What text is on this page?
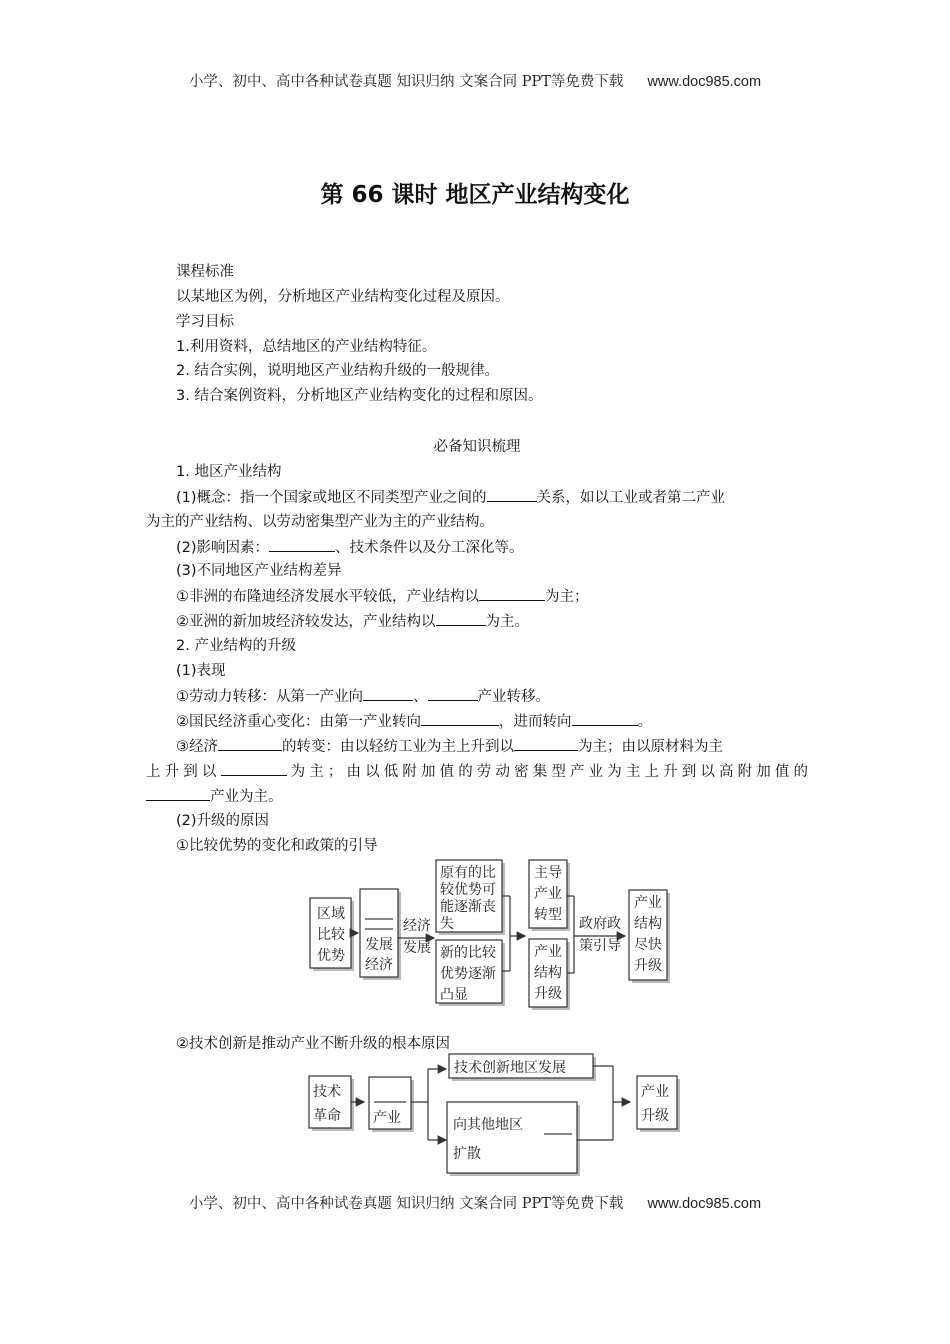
小学、初中、高中各种试卷真题 知识归纳 文案合同 PPT等免费下载 www.doc985.com
第 66 课时 地区产业结构变化
课程标准
以某地区为例，分析地区产业结构变化过程及原因。
学习目标
1.利用资料，总结地区的产业结构特征。
2. 结合实例，说明地区产业结构升级的一般规律。
3. 结合案例资料，分析地区产业结构变化的过程和原因。
必备知识梳理
1. 地区产业结构
(1)概念：指一个国家或地区不同类型产业之间的	关系，如以工业或者第二产业
为主的产业结构、以劳动密集型产业为主的产业结构。
(2)影响因素：	、技术条件以及分工深化等。
(3)不同地区产业结构差异
①非洲的布隆迪经济发展水平较低，产业结构以	为主；
②亚洲的新加坡经济较发达，产业结构以	为主。
2. 产业结构的升级
(1)表现
①劳动力转移：从第一产业向	、	产业转移。
②国民经济重心变化：由第一产业转向	，进而转向	。
③经济	的转变：由以轻纺工业为主上升到以	为主；由以原材料为主
上升到以	为主；由以低附加值的劳动密集型产业为主上升到以高附加值的
产业为主。
(2)升级的原因
①比较优势的变化和政策的引导
区域
比较
优势
发展
经济
经济
发展
原有的比
较优势可
能逐渐丧
失
新的比较
优势逐渐
凸显
主导
产业
转型
产业
结构
升级
政府政
策引导
产业
结构
尽快
升级
②技术创新是推动产业不断升级的根本原因
技术
革命 产业
技术创新地区发展
向其他地区
扩散
产业
升级
小学、初中、高中各种试卷真题 知识归纳 文案合同 PPT等免费下载 www.doc985.com
